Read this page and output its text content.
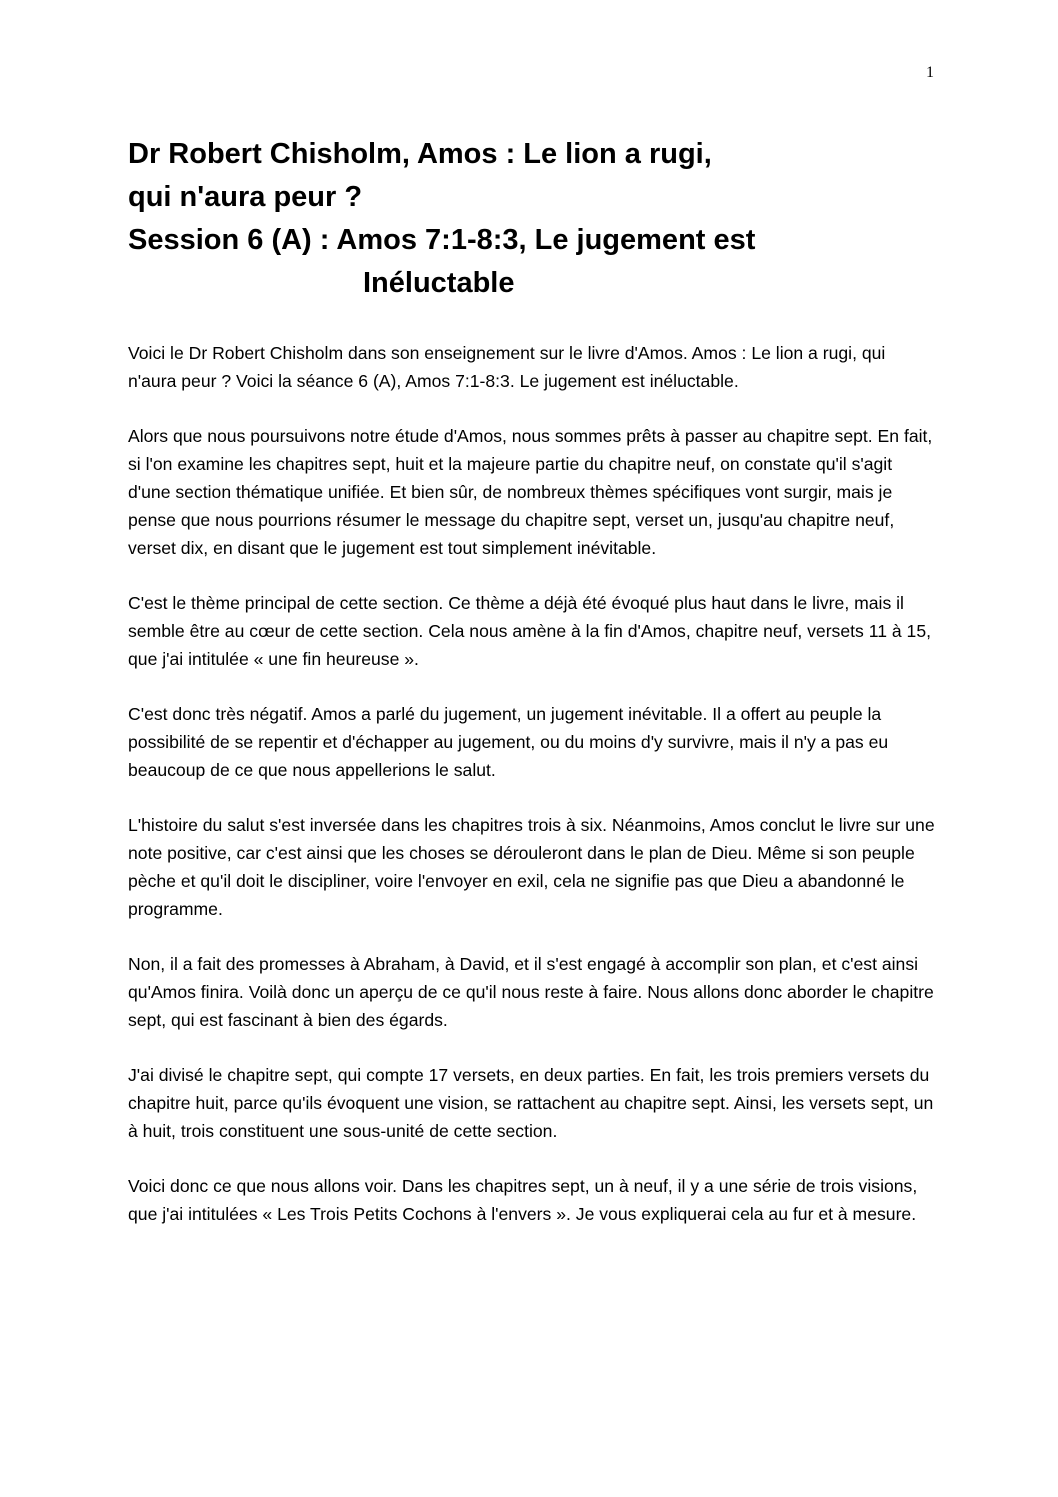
1
Dr Robert Chisholm, Amos : Le lion a rugi,
qui n'aura peur ?
Session 6 (A) : Amos 7:1-8:3, Le jugement est
Inéluctable

Voici le Dr Robert Chisholm dans son enseignement sur le livre d'Amos. Amos : Le lion a rugi, qui n'aura peur ? Voici la séance 6 (A), Amos 7:1-8:3. Le jugement est inéluctable.

Alors que nous poursuivons notre étude d'Amos, nous sommes prêts à passer au chapitre sept. En fait, si l'on examine les chapitres sept, huit et la majeure partie du chapitre neuf, on constate qu'il s'agit d'une section thématique unifiée. Et bien sûr, de nombreux thèmes spécifiques vont surgir, mais je pense que nous pourrions résumer le message du chapitre sept, verset un, jusqu'au chapitre neuf, verset dix, en disant que le jugement est tout simplement inévitable.

C'est le thème principal de cette section. Ce thème a déjà été évoqué plus haut dans le livre, mais il semble être au cœur de cette section. Cela nous amène à la fin d'Amos, chapitre neuf, versets 11 à 15, que j'ai intitulée « une fin heureuse ».

C'est donc très négatif. Amos a parlé du jugement, un jugement inévitable. Il a offert au peuple la possibilité de se repentir et d'échapper au jugement, ou du moins d'y survivre, mais il n'y a pas eu beaucoup de ce que nous appellerions le salut.

L'histoire du salut s'est inversée dans les chapitres trois à six. Néanmoins, Amos conclut le livre sur une note positive, car c'est ainsi que les choses se dérouleront dans le plan de Dieu. Même si son peuple pèche et qu'il doit le discipliner, voire l'envoyer en exil, cela ne signifie pas que Dieu a abandonné le programme.

Non, il a fait des promesses à Abraham, à David, et il s'est engagé à accomplir son plan, et c'est ainsi qu'Amos finira. Voilà donc un aperçu de ce qu'il nous reste à faire. Nous allons donc aborder le chapitre sept, qui est fascinant à bien des égards.

J'ai divisé le chapitre sept, qui compte 17 versets, en deux parties. En fait, les trois premiers versets du chapitre huit, parce qu'ils évoquent une vision, se rattachent au chapitre sept. Ainsi, les versets sept, un à huit, trois constituent une sous-unité de cette section.

Voici donc ce que nous allons voir. Dans les chapitres sept, un à neuf, il y a une série de trois visions, que j'ai intitulées « Les Trois Petits Cochons à l'envers ». Je vous expliquerai cela au fur et à mesure.
